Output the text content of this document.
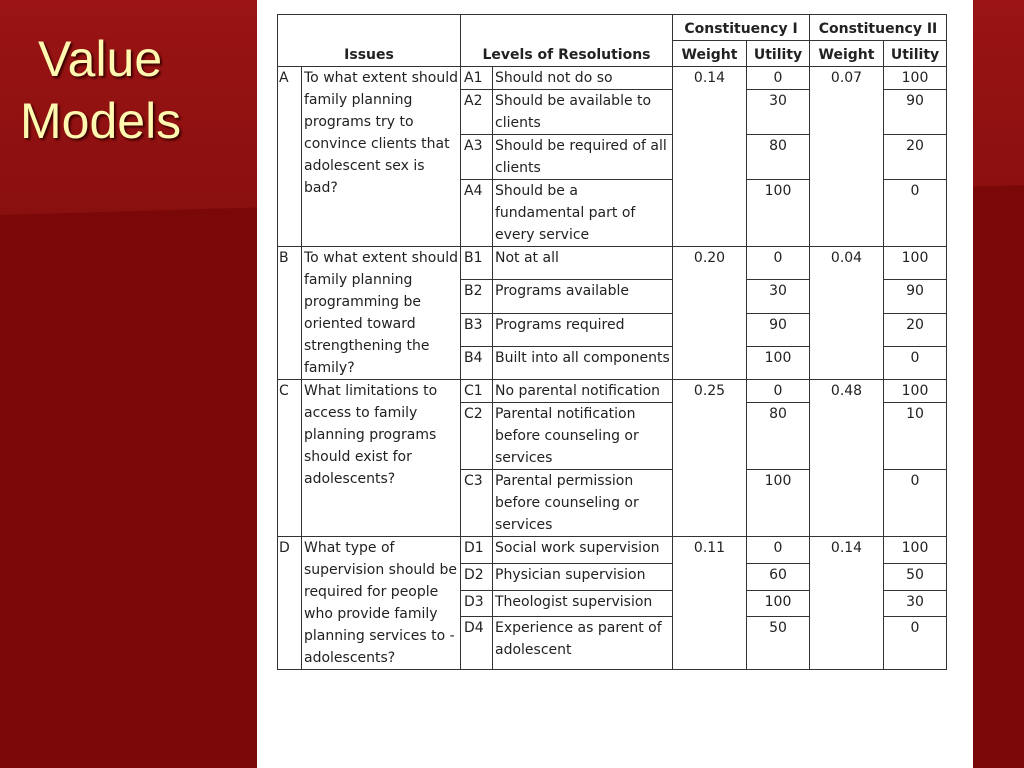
Value
Models
Issues		Levels of Resolutions		Constituency I		Constituency II	
				Weight	Utility	Weight	Utility
A	To what extent should family planning programs try to convince clients that adolescent sex is bad?	A1	Should not do so	0.14	0	0.07	100
		A2	Should be available to clients		30		90
		A3	Should be required of all clients		80		20
		A4	Should be a fundamental part of every service		100		0
B	To what extent should family planning programming be oriented toward strengthening the family?	B1	Not at all	0.20	0	0.04	100
		B2	Programs available		30		90
		B3	Programs required		90		20
		B4	Built into all components		100		0
C	What limitations to access to family planning programs should exist for adolescents?	C1	No parental notification	0.25	0	0.48	100
		C2	Parental notification before counseling or services		80		10
		C3	Parental permission before counseling or services		100		0
D	What type of supervision should be required for people who provide family planning services to - adolescents?	D1	Social work supervision	0.11	0	0.14	100
		D2	Physician supervision		60		50
		D3	Theologist supervision		100		30
		D4	Experience as parent of adolescent		50		0
